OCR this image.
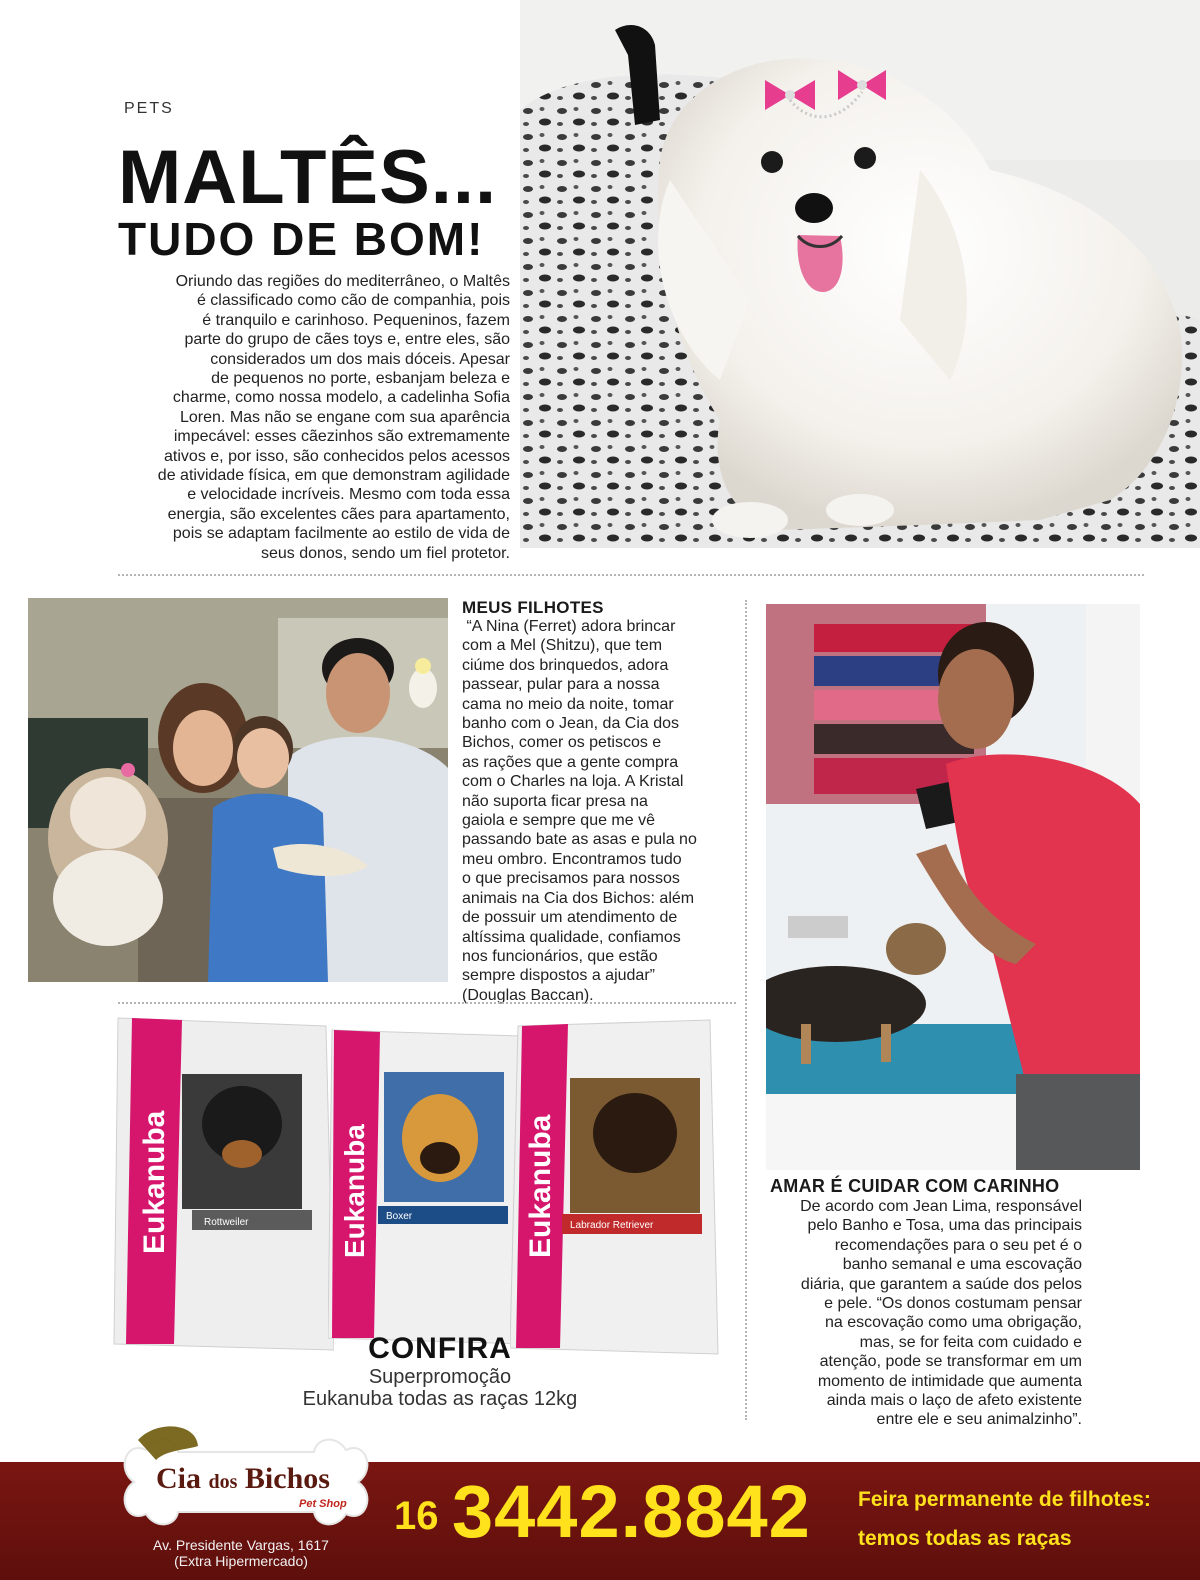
PETS
MALTÊS...
TUDO DE BOM!
Oriundo das regiões do mediterrâneo, o Maltês
é classificado como cão de companhia, pois
é tranquilo e carinhoso. Pequeninos, fazem
parte do grupo de cães toys e, entre eles, são
considerados um dos mais dóceis. Apesar
de pequenos no porte, esbanjam beleza e
charme, como nossa modelo, a cadelinha Sofia
Loren. Mas não se engane com sua aparência
impecável: esses cãezinhos são extremamente
ativos e, por isso, são conhecidos pelos acessos
de atividade física, em que demonstram agilidade
e velocidade incríveis. Mesmo com toda essa
energia, são excelentes cães para apartamento,
pois se adaptam facilmente ao estilo de vida de
seus donos, sendo um fiel protetor.
MEUS FILHOTES
“A Nina (Ferret) adora brincar
com a Mel (Shitzu), que tem
ciúme dos brinquedos, adora
passear, pular para a nossa
cama no meio da noite, tomar
banho com o Jean, da Cia dos
Bichos, comer os petiscos e
as rações que a gente compra
com o Charles na loja. A Kristal
não suporta ficar presa na
gaiola e sempre que me vê
passando bate as asas e pula no
meu ombro. Encontramos tudo
o que precisamos para nossos
animais na Cia dos Bichos: além
de possuir um atendimento de
altíssima qualidade, confiamos
nos funcionários, que estão
sempre dispostos a ajudar”
(Douglas Baccan).
AMAR É CUIDAR COM CARINHO
De acordo com Jean Lima, responsável
pelo Banho e Tosa, uma das principais
recomendações para o seu pet é o
banho semanal e uma escovação
diária, que garantem a saúde dos pelos
e pele. “Os donos costumam pensar
na escovação como uma obrigação,
mas, se for feita com cuidado e
atenção, pode se transformar em um
momento de intimidade que aumenta
ainda mais o laço de afeto existente
entre ele e seu animalzinho”.
Rottweiler
Eukanuba	Boxer
Eukanuba	Labrador Retriever
Eukanuba
CONFIRA
Superpromoção
Eukanuba todas as raças 12kg
Cia dos Bichos
Pet Shop
Av. Presidente Vargas, 1617
(Extra Hipermercado)
16 3442.8842 Feira permanente de filhotes:
temos todas as raças
